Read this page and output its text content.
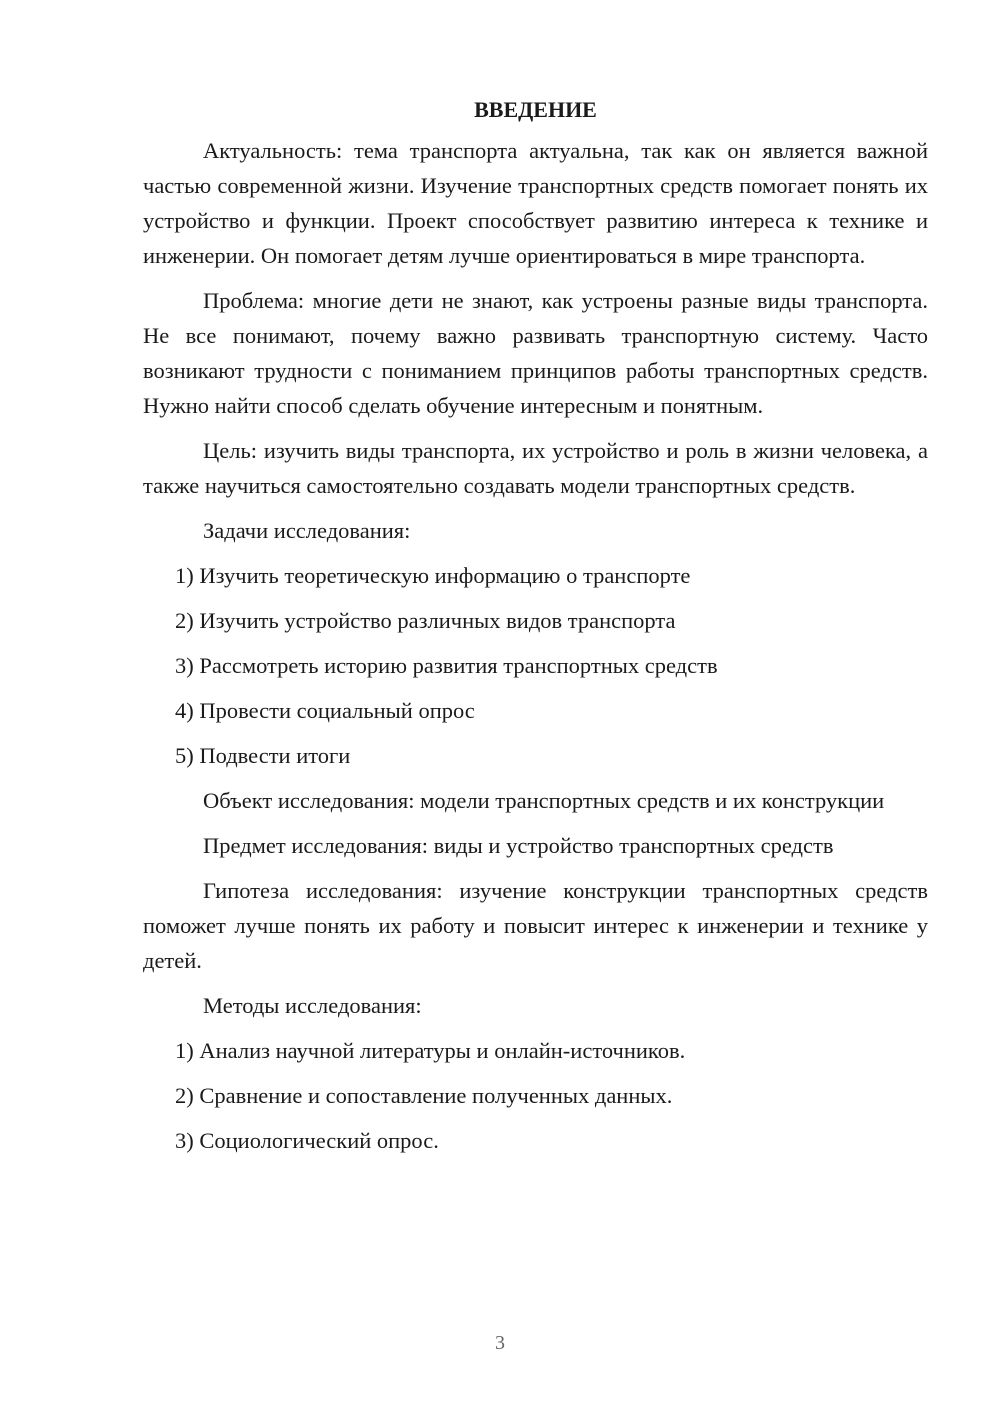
ВВЕДЕНИЕ

Актуальность: тема транспорта актуальна, так как он является важной частью современной жизни. Изучение транспортных средств помогает понять их устройство и функции. Проект способствует развитию интереса к технике и инженерии. Он помогает детям лучше ориентироваться в мире транспорта.

Проблема: многие дети не знают, как устроены разные виды транспорта. Не все понимают, почему важно развивать транспортную систему. Часто возникают трудности с пониманием принципов работы транспортных средств. Нужно найти способ сделать обучение интересным и понятным.

Цель: изучить виды транспорта, их устройство и роль в жизни человека, а также научиться самостоятельно создавать модели транспортных средств.

Задачи исследования:

1) Изучить теоретическую информацию о транспорте
2) Изучить устройство различных видов транспорта
3) Рассмотреть историю развития транспортных средств
4) Провести социальный опрос
5) Подвести итоги

Объект исследования: модели транспортных средств и их конструкции

Предмет исследования: виды и устройство транспортных средств

Гипотеза исследования: изучение конструкции транспортных средств поможет лучше понять их работу и повысит интерес к инженерии и технике у детей.

Методы исследования:

1) Анализ научной литературы и онлайн-источников.
2) Сравнение и сопоставление полученных данных.
3) Социологический опрос.
3
